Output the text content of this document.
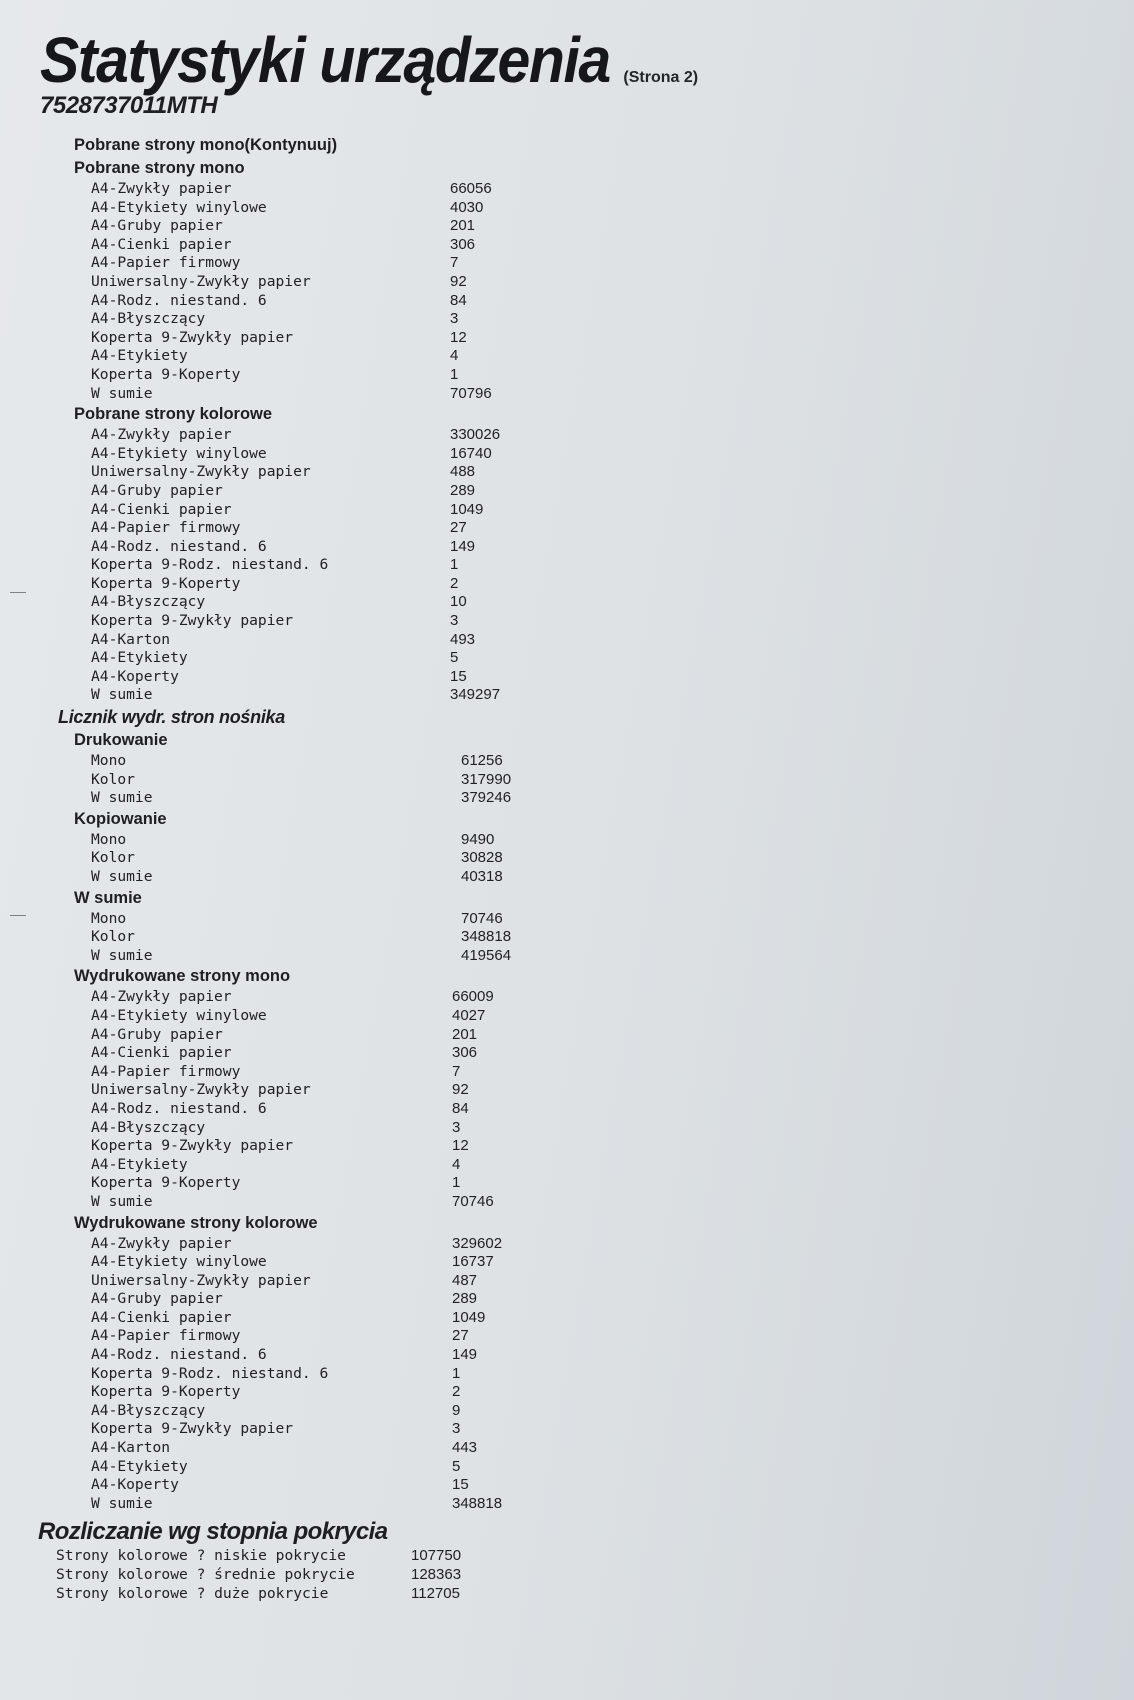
Statystyki urządzenia (Strona 2)
7528737011MTH
Pobrane strony mono(Kontynuuj)
Pobrane strony mono
A4-Zwykły papier	66056
A4-Etykiety winylowe	4030
A4-Gruby papier	201
A4-Cienki papier	306
A4-Papier firmowy	7
Uniwersalny-Zwykły papier	92
A4-Rodz. niestand. 6	84
A4-Błyszczący	3
Koperta 9-Zwykły papier	12
A4-Etykiety	4
Koperta 9-Koperty	1
W sumie	70796
Pobrane strony kolorowe
A4-Zwykły papier	330026
A4-Etykiety winylowe	16740
Uniwersalny-Zwykły papier	488
A4-Gruby papier	289
A4-Cienki papier	1049
A4-Papier firmowy	27
A4-Rodz. niestand. 6	149
Koperta 9-Rodz. niestand. 6	1
Koperta 9-Koperty	2
A4-Błyszczący	10
Koperta 9-Zwykły papier	3
A4-Karton	493
A4-Etykiety	5
A4-Koperty	15
W sumie	349297
Licznik wydr. stron nośnika
Drukowanie
Mono	61256
Kolor	317990
W sumie	379246
Kopiowanie
Mono	9490
Kolor	30828
W sumie	40318
W sumie
Mono	70746
Kolor	348818
W sumie	419564
Wydrukowane strony mono
A4-Zwykły papier	66009
A4-Etykiety winylowe	4027
A4-Gruby papier	201
A4-Cienki papier	306
A4-Papier firmowy	7
Uniwersalny-Zwykły papier	92
A4-Rodz. niestand. 6	84
A4-Błyszczący	3
Koperta 9-Zwykły papier	12
A4-Etykiety	4
Koperta 9-Koperty	1
W sumie	70746
Wydrukowane strony kolorowe
A4-Zwykły papier	329602
A4-Etykiety winylowe	16737
Uniwersalny-Zwykły papier	487
A4-Gruby papier	289
A4-Cienki papier	1049
A4-Papier firmowy	27
A4-Rodz. niestand. 6	149
Koperta 9-Rodz. niestand. 6	1
Koperta 9-Koperty	2
A4-Błyszczący	9
Koperta 9-Zwykły papier	3
A4-Karton	443
A4-Etykiety	5
A4-Koperty	15
W sumie	348818
Rozliczanie wg stopnia pokrycia
Strony kolorowe ? niskie pokrycie	107750
Strony kolorowe ? średnie pokrycie	128363
Strony kolorowe ? duże pokrycie	112705
